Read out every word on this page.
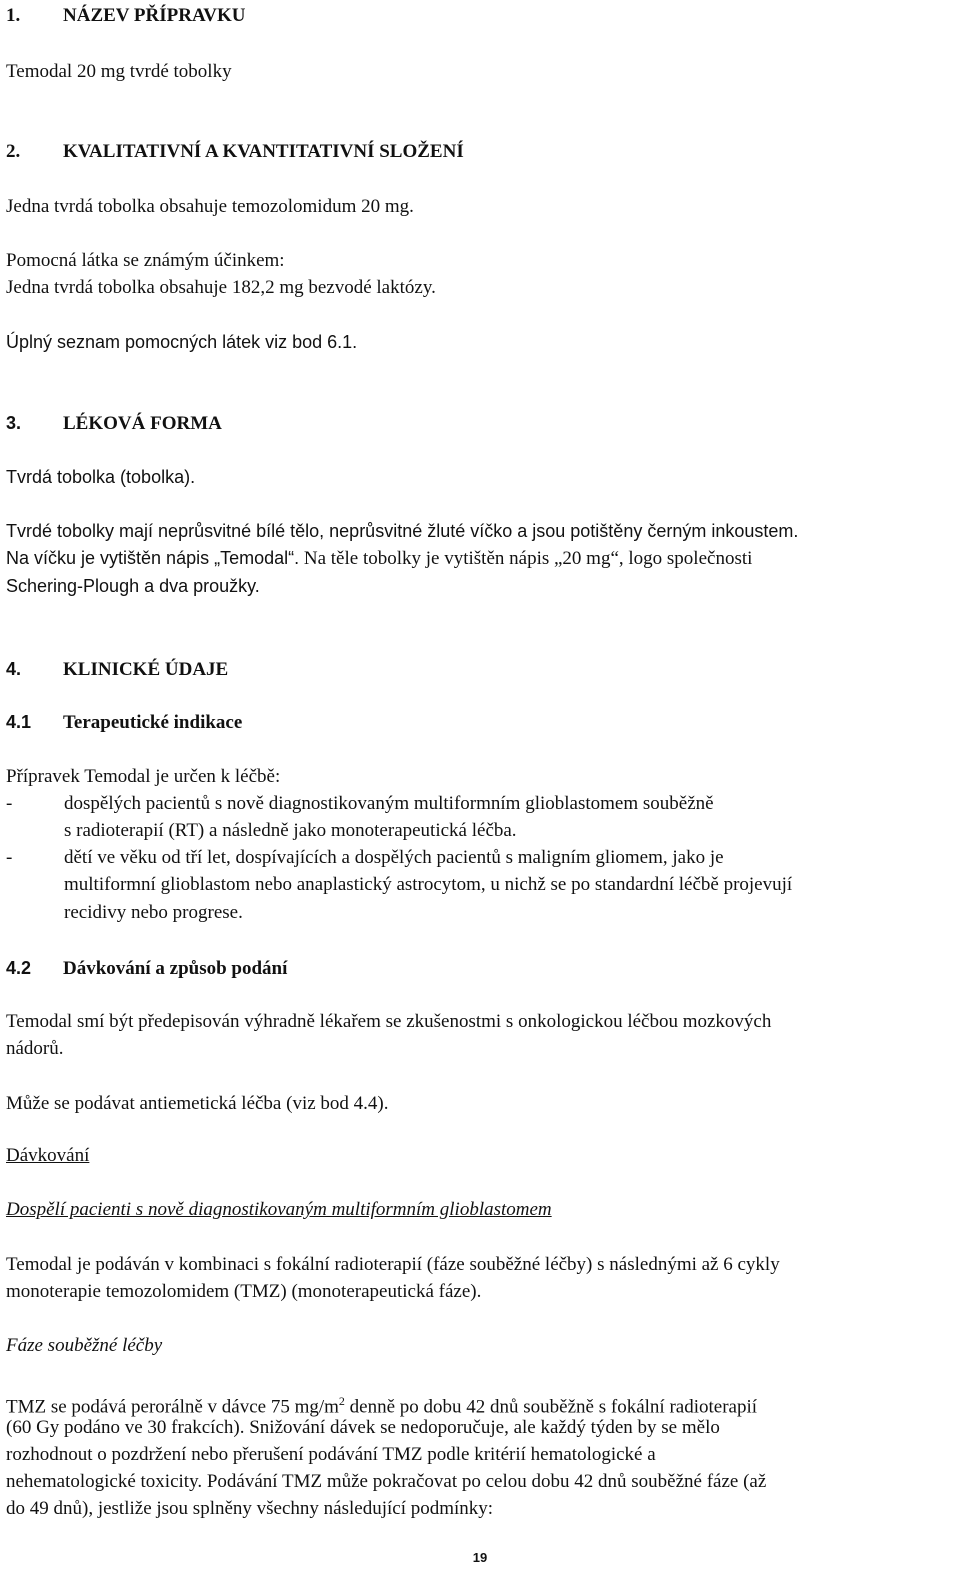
1. NÁZEV PŘÍPRAVKU
Temodal 20 mg tvrdé tobolky
2. KVALITATIVNÍ A KVANTITATIVNÍ SLOŽENÍ
Jedna tvrdá tobolka obsahuje temozolomidum 20 mg.
Pomocná látka se známým účinkem:
Jedna tvrdá tobolka obsahuje 182,2 mg bezvodé laktózy.
Úplný seznam pomocných látek viz bod 6.1.
3. LÉKOVÁ FORMA
Tvrdá tobolka (tobolka).
Tvrdé tobolky mají neprůsvitné bílé tělo, neprůsvitné žluté víčko a jsou potištěny černým inkoustem.
Na víčku je vytištěn nápis „Temodal“. Na těle tobolky je vytištěn nápis „20 mg“, logo společnosti
Schering-Plough a dva proužky.
4. KLINICKÉ ÚDAJE
4.1 Terapeutické indikace
Přípravek Temodal je určen k léčbě:
-	dospělých pacientů s nově diagnostikovaným multiformním glioblastomem souběžně
s radioterapií (RT) a následně jako monoterapeutická léčba.
-	dětí ve věku od tří let, dospívajících a dospělých pacientů s maligním gliomem, jako je
multiformní glioblastom nebo anaplastický astrocytom, u nichž se po standardní léčbě projevují
recidivy nebo progrese.
4.2 Dávkování a způsob podání
Temodal smí být předepisován výhradně lékařem se zkušenostmi s onkologickou léčbou mozkových
nádorů.
Může se podávat antiemetická léčba (viz bod 4.4).
Dávkování
Dospělí pacienti s nově diagnostikovaným multiformním glioblastomem
Temodal je podáván v kombinaci s fokální radioterapií (fáze souběžné léčby) s následnými až 6 cykly
monoterapie temozolomidem (TMZ) (monoterapeutická fáze).
Fáze souběžné léčby
TMZ se podává perorálně v dávce 75 $mg/m^2$ denně po dobu 42 dnů souběžně s fokální radioterapií
(60 Gy podáno ve 30 frakcích). Snižování dávek se nedoporučuje, ale každý týden by se mělo
rozhodnout o pozdržení nebo přerušení podávání TMZ podle kritérií hematologické a
nehematologické toxicity. Podávání TMZ může pokračovat po celou dobu 42 dnů souběžné fáze (až
do 49 dnů), jestliže jsou splněny všechny následující podmínky:
19
